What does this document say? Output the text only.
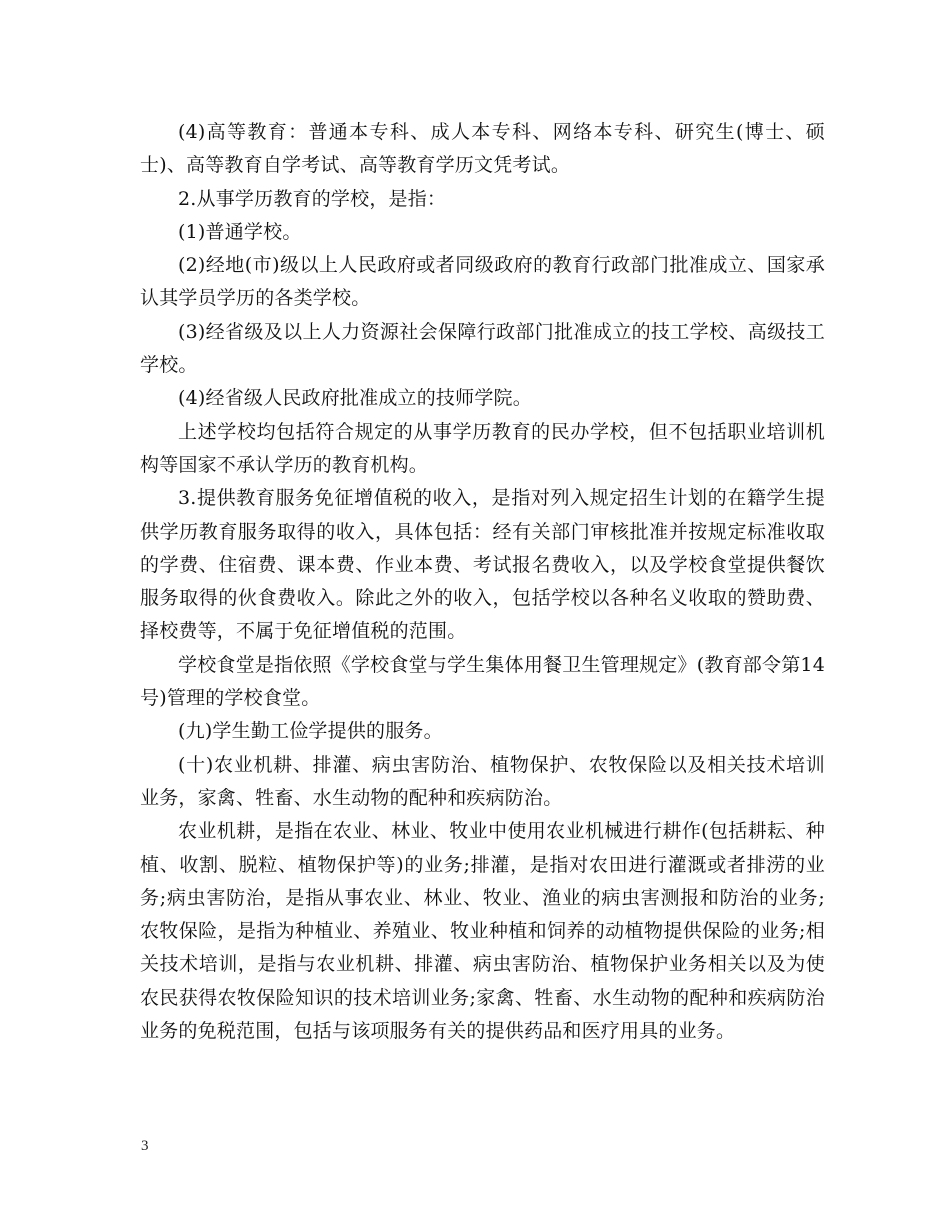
(4)高等教育：普通本专科、成人本专科、网络本专科、研究生(博士、硕士)、高等教育自学考试、高等教育学历文凭考试。

2.从事学历教育的学校，是指：

(1)普通学校。

(2)经地(市)级以上人民政府或者同级政府的教育行政部门批准成立、国家承认其学员学历的各类学校。

(3)经省级及以上人力资源社会保障行政部门批准成立的技工学校、高级技工学校。

(4)经省级人民政府批准成立的技师学院。

上述学校均包括符合规定的从事学历教育的民办学校，但不包括职业培训机构等国家不承认学历的教育机构。

3.提供教育服务免征增值税的收入，是指对列入规定招生计划的在籍学生提供学历教育服务取得的收入，具体包括：经有关部门审核批准并按规定标准收取的学费、住宿费、课本费、作业本费、考试报名费收入，以及学校食堂提供餐饮服务取得的伙食费收入。除此之外的收入，包括学校以各种名义收取的赞助费、择校费等，不属于免征增值税的范围。

学校食堂是指依照《学校食堂与学生集体用餐卫生管理规定》(教育部令第14号)管理的学校食堂。

(九)学生勤工俭学提供的服务。

(十)农业机耕、排灌、病虫害防治、植物保护、农牧保险以及相关技术培训业务，家禽、牲畜、水生动物的配种和疾病防治。

农业机耕，是指在农业、林业、牧业中使用农业机械进行耕作(包括耕耘、种植、收割、脱粒、植物保护等)的业务;排灌，是指对农田进行灌溉或者排涝的业务;病虫害防治，是指从事农业、林业、牧业、渔业的病虫害测报和防治的业务;农牧保险，是指为种植业、养殖业、牧业种植和饲养的动植物提供保险的业务;相关技术培训，是指与农业机耕、排灌、病虫害防治、植物保护业务相关以及为使农民获得农牧保险知识的技术培训业务;家禽、牲畜、水生动物的配种和疾病防治业务的免税范围，包括与该项服务有关的提供药品和医疗用具的业务。

3
